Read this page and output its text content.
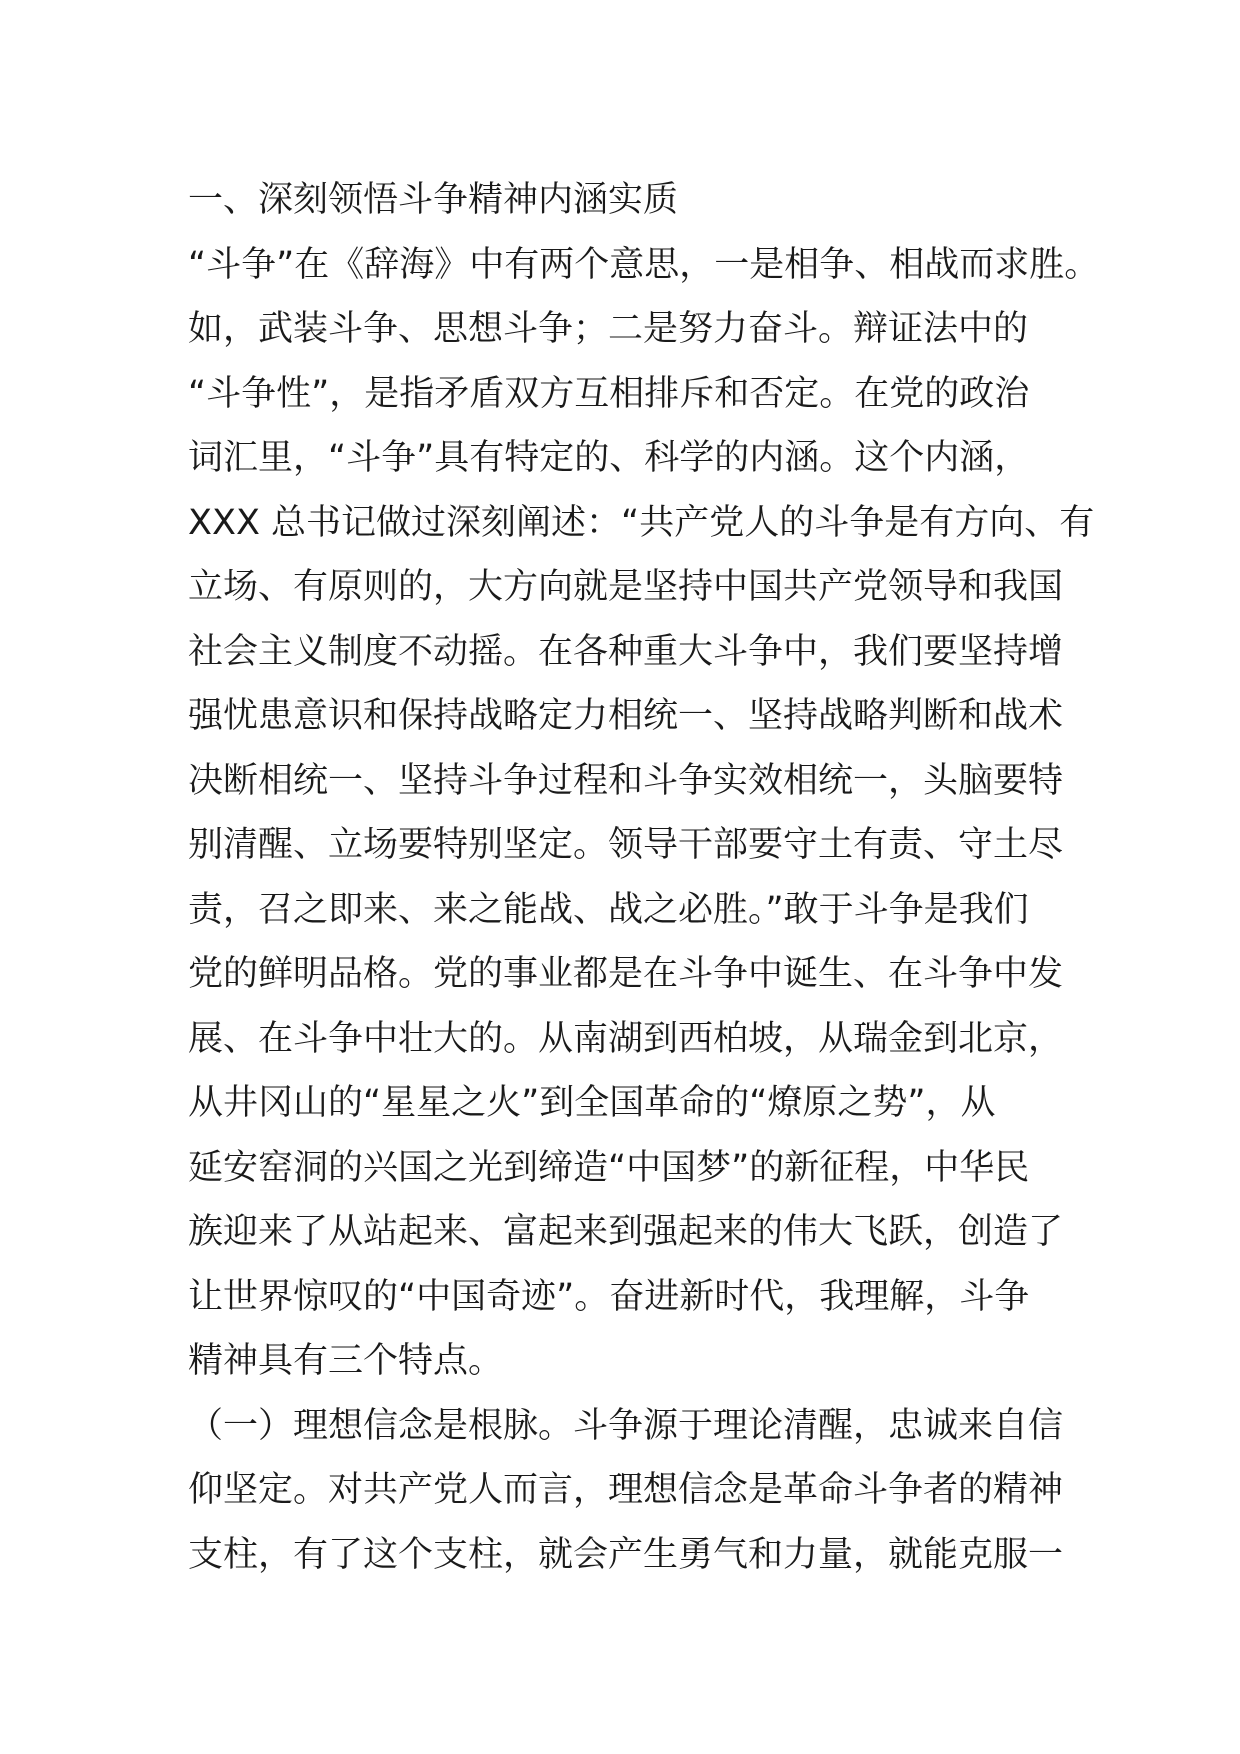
一、深刻领悟斗争精神内涵实质
“斗争”在《辞海》中有两个意思，一是相争、相战而求胜。
如，武装斗争、思想斗争；二是努力奋斗。辩证法中的
“斗争性”，是指矛盾双方互相排斥和否定。在党的政治
词汇里，“斗争”具有特定的、科学的内涵。这个内涵，
XXX 总书记做过深刻阐述：“共产党人的斗争是有方向、有
立场、有原则的，大方向就是坚持中国共产党领导和我国
社会主义制度不动摇。在各种重大斗争中，我们要坚持增
强忧患意识和保持战略定力相统一、坚持战略判断和战术
决断相统一、坚持斗争过程和斗争实效相统一，头脑要特
别清醒、立场要特别坚定。领导干部要守土有责、守土尽
责，召之即来、来之能战、战之必胜。”敢于斗争是我们
党的鲜明品格。党的事业都是在斗争中诞生、在斗争中发
展、在斗争中壮大的。从南湖到西柏坡，从瑞金到北京，
从井冈山的“星星之火”到全国革命的“燎原之势”，从
延安窑洞的兴国之光到缔造“中国梦”的新征程，中华民
族迎来了从站起来、富起来到强起来的伟大飞跃，创造了
让世界惊叹的“中国奇迹”。奋进新时代，我理解，斗争
精神具有三个特点。
（一）理想信念是根脉。斗争源于理论清醒，忠诚来自信
仰坚定。对共产党人而言，理想信念是革命斗争者的精神
支柱，有了这个支柱，就会产生勇气和力量，就能克服一
